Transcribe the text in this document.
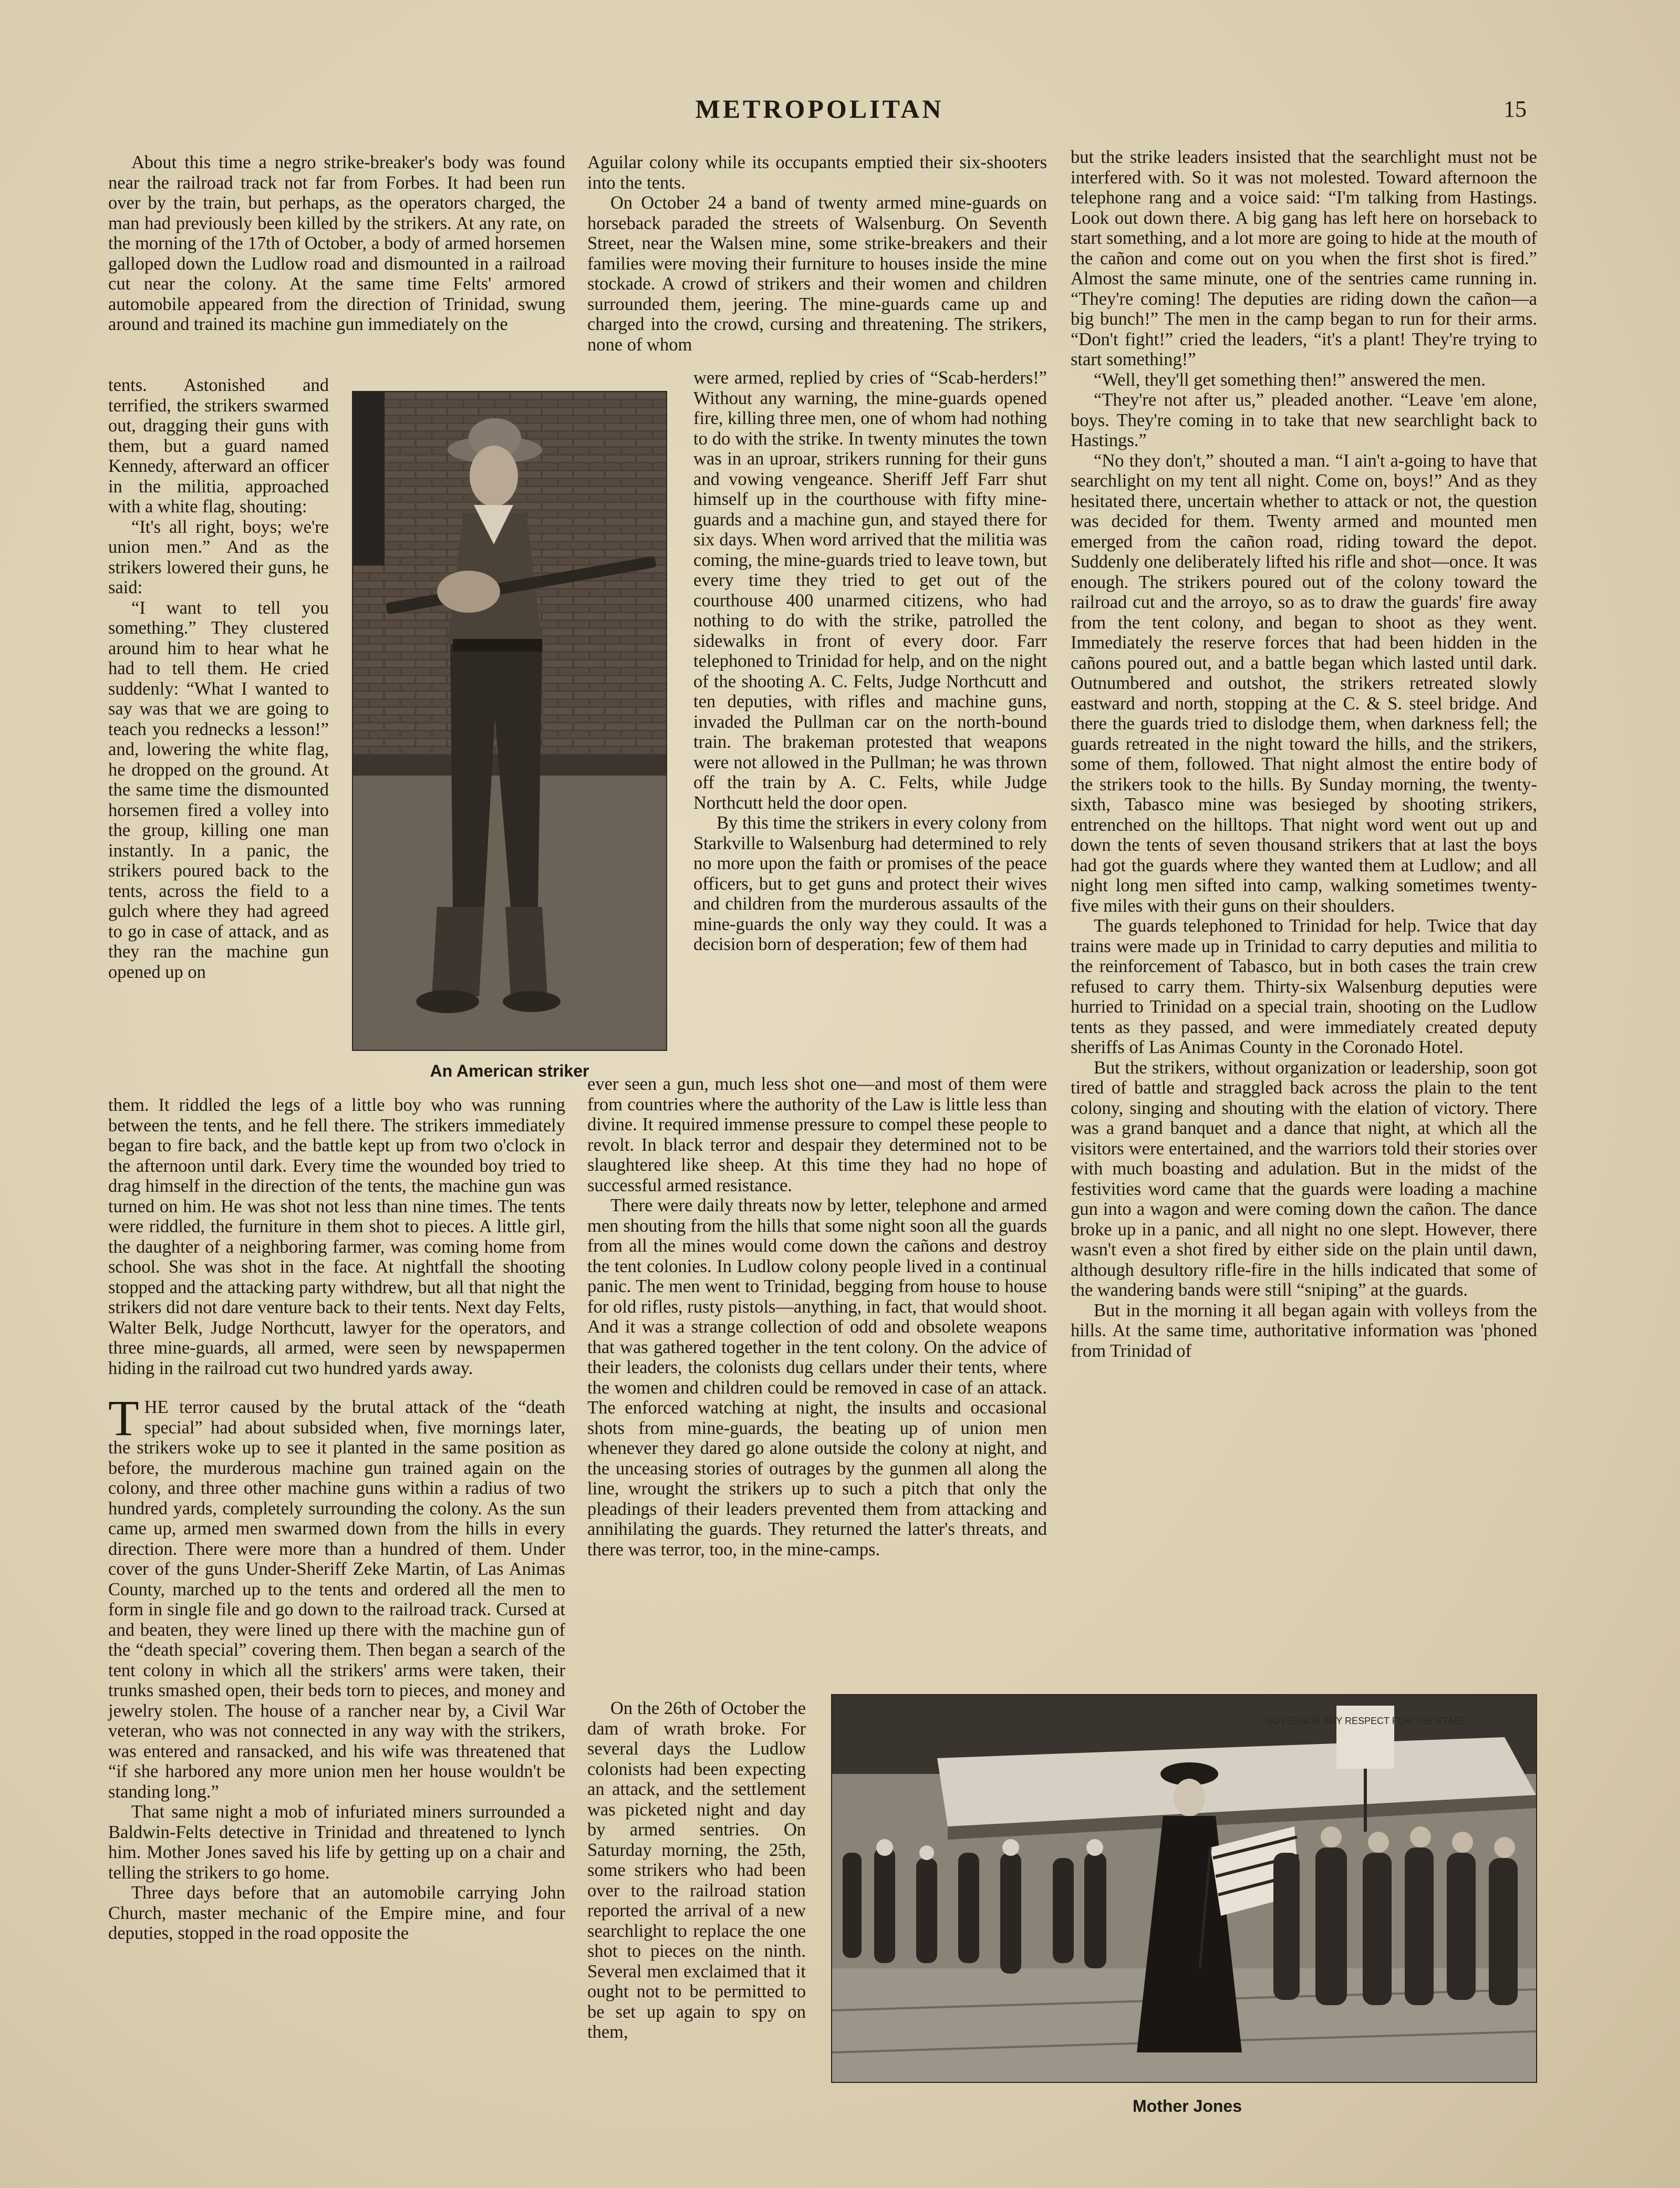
METROPOLITAN	15

About this time a negro strike-breaker's body was found near the railroad track not far from Forbes. It had been run over by the train, but perhaps, as the operators charged, the man had previously been killed by the strikers. At any rate, on the morning of the 17th of October, a body of armed horsemen galloped down the Ludlow road and dismounted in a railroad cut near the colony. At the same time Felts' armored automobile appeared from the direction of Trinidad, swung around and trained its machine gun immediately on the

tents. Astonished and terrified, the strikers swarmed out, dragging their guns with them, but a guard named Kennedy, afterward an officer in the militia, approached with a white flag, shouting:

“It's all right, boys; we're union men.” And as the strikers lowered their guns, he said:

“I want to tell you something.” They clustered around him to hear what he had to tell them. He cried suddenly: “What I wanted to say was that we are going to teach you rednecks a lesson!” and, lowering the white flag, he dropped on the ground. At the same time the dismounted horsemen fired a volley into the group, killing one man instantly. In a panic, the strikers poured back to the tents, across the field to a gulch where they had agreed to go in case of attack, and as they ran the machine gun opened up on

them. It riddled the legs of a little boy who was running between the tents, and he fell there. The strikers immediately began to fire back, and the battle kept up from two o'clock in the afternoon until dark. Every time the wounded boy tried to drag himself in the direction of the tents, the machine gun was turned on him. He was shot not less than nine times. The tents were riddled, the furniture in them shot to pieces. A little girl, the daughter of a neighboring farmer, was coming home from school. She was shot in the face. At nightfall the shooting stopped and the attacking party withdrew, but all that night the strikers did not dare venture back to their tents. Next day Felts, Walter Belk, Judge Northcutt, lawyer for the operators, and three mine-guards, all armed, were seen by newspapermen hiding in the railroad cut two hundred yards away.

THE terror caused by the brutal attack of the “death special” had about subsided when, five mornings later, the strikers woke up to see it planted in the same position as before, the murderous machine gun trained again on the colony, and three other machine guns within a radius of two hundred yards, completely surrounding the colony. As the sun came up, armed men swarmed down from the hills in every direction. There were more than a hundred of them. Under cover of the guns Under-Sheriff Zeke Martin, of Las Animas County, marched up to the tents and ordered all the men to form in single file and go down to the railroad track. Cursed at and beaten, they were lined up there with the machine gun of the “death special” covering them. Then began a search of the tent colony in which all the strikers' arms were taken, their trunks smashed open, their beds torn to pieces, and money and jewelry stolen. The house of a rancher near by, a Civil War veteran, who was not connected in any way with the strikers, was entered and ransacked, and his wife was threatened that “if she harbored any more union men her house wouldn't be standing long.”

That same night a mob of infuriated miners surrounded a Baldwin-Felts detective in Trinidad and threatened to lynch him. Mother Jones saved his life by getting up on a chair and telling the strikers to go home.

Three days before that an automobile carrying John Church, master mechanic of the Empire mine, and four deputies, stopped in the road opposite the

An American striker

Aguilar colony while its occupants emptied their six-shooters into the tents.

On October 24 a band of twenty armed mine-guards on horseback paraded the streets of Walsenburg. On Seventh Street, near the Walsen mine, some strike-breakers and their families were moving their furniture to houses inside the mine stockade. A crowd of strikers and their women and children surrounded them, jeering. The mine-guards came up and charged into the crowd, cursing and threatening. The strikers, none of whom

were armed, replied by cries of “Scab-herders!” Without any warning, the mine-guards opened fire, killing three men, one of whom had nothing to do with the strike. In twenty minutes the town was in an uproar, strikers running for their guns and vowing vengeance. Sheriff Jeff Farr shut himself up in the courthouse with fifty mine-guards and a machine gun, and stayed there for six days. When word arrived that the militia was coming, the mine-guards tried to leave town, but every time they tried to get out of the courthouse 400 unarmed citizens, who had nothing to do with the strike, patrolled the sidewalks in front of every door. Farr telephoned to Trinidad for help, and on the night of the shooting A. C. Felts, Judge Northcutt and ten deputies, with rifles and machine guns, invaded the Pullman car on the north-bound train. The brakeman protested that weapons were not allowed in the Pullman; he was thrown off the train by A. C. Felts, while Judge Northcutt held the door open.

By this time the strikers in every colony from Starkville to Walsenburg had determined to rely no more upon the faith or promises of the peace officers, but to get guns and protect their wives and children from the murderous assaults of the mine-guards the only way they could. It was a decision born of desperation; few of them had

ever seen a gun, much less shot one—and most of them were from countries where the authority of the Law is little less than divine. It required immense pressure to compel these people to revolt. In black terror and despair they determined not to be slaughtered like sheep. At this time they had no hope of successful armed resistance.

There were daily threats now by letter, telephone and armed men shouting from the hills that some night soon all the guards from all the mines would come down the cañons and destroy the tent colonies. In Ludlow colony people lived in a continual panic. The men went to Trinidad, begging from house to house for old rifles, rusty pistols—anything, in fact, that would shoot. And it was a strange collection of odd and obsolete weapons that was gathered together in the tent colony. On the advice of their leaders, the colonists dug cellars under their tents, where the women and children could be removed in case of an attack. The enforced watching at night, the insults and occasional shots from mine-guards, the beating up of union men whenever they dared go alone outside the colony at night, and the unceasing stories of outrages by the gunmen all along the line, wrought the strikers up to such a pitch that only the pleadings of their leaders prevented them from attacking and annihilating the guards. They returned the latter's threats, and there was terror, too, in the mine-camps.

On the 26th of October the dam of wrath broke. For several days the Ludlow colonists had been expecting an attack, and the settlement was picketed night and day by armed sentries. On Saturday morning, the 25th, some strikers who had been over to the railroad station reported the arrival of a new searchlight to replace the one shot to pieces on the ninth. Several men exclaimed that it ought not to be permitted to be set up again to spy on them,

but the strike leaders insisted that the searchlight must not be interfered with. So it was not molested. Toward afternoon the telephone rang and a voice said: “I'm talking from Hastings. Look out down there. A big gang has left here on horseback to start something, and a lot more are going to hide at the mouth of the cañon and come out on you when the first shot is fired.” Almost the same minute, one of the sentries came running in. “They're coming! The deputies are riding down the cañon—a big bunch!” The men in the camp began to run for their arms. “Don't fight!” cried the leaders, “it's a plant! They're trying to start something!”

“Well, they'll get something then!” answered the men.

“They're not after us,” pleaded another. “Leave 'em alone, boys. They're coming in to take that new searchlight back to Hastings.”

“No they don't,” shouted a man. “I ain't a-going to have that searchlight on my tent all night. Come on, boys!” And as they hesitated there, uncertain whether to attack or not, the question was decided for them. Twenty armed and mounted men emerged from the cañon road, riding toward the depot. Suddenly one deliberately lifted his rifle and shot—once. It was enough. The strikers poured out of the colony toward the railroad cut and the arroyo, so as to draw the guards' fire away from the tent colony, and began to shoot as they went. Immediately the reserve forces that had been hidden in the cañons poured out, and a battle began which lasted until dark. Outnumbered and outshot, the strikers retreated slowly eastward and north, stopping at the C. & S. steel bridge. And there the guards tried to dislodge them, when darkness fell; the guards retreated in the night toward the hills, and the strikers, some of them, followed. That night almost the entire body of the strikers took to the hills. By Sunday morning, the twenty-sixth, Tabasco mine was besieged by shooting strikers, entrenched on the hilltops. That night word went out up and down the tents of seven thousand strikers that at last the boys had got the guards where they wanted them at Ludlow; and all night long men sifted into camp, walking sometimes twenty-five miles with their guns on their shoulders.

The guards telephoned to Trinidad for help. Twice that day trains were made up in Trinidad to carry deputies and militia to the reinforcement of Tabasco, but in both cases the train crew refused to carry them. Thirty-six Walsenburg deputies were hurried to Trinidad on a special train, shooting on the Ludlow tents as they passed, and were immediately created deputy sheriffs of Las Animas County in the Coronado Hotel.

But the strikers, without organization or leadership, soon got tired of battle and straggled back across the plain to the tent colony, singing and shouting with the elation of victory. There was a grand banquet and a dance that night, at which all the visitors were entertained, and the warriors told their stories over with much boasting and adulation. But in the midst of the festivities word came that the guards were loading a machine gun into a wagon and were coming down the cañon. The dance broke up in a panic, and all night no one slept. However, there wasn't even a shot fired by either side on the plain until dawn, although desultory rifle-fire in the hills indicated that some of the wandering bands were still “sniping” at the guards.

But in the morning it all began again with volleys from the hills. At the same time, authoritative information was 'phoned from Trinidad of

GOVERNOR ANY RESPECT FOR THE STATE
Mother Jones
